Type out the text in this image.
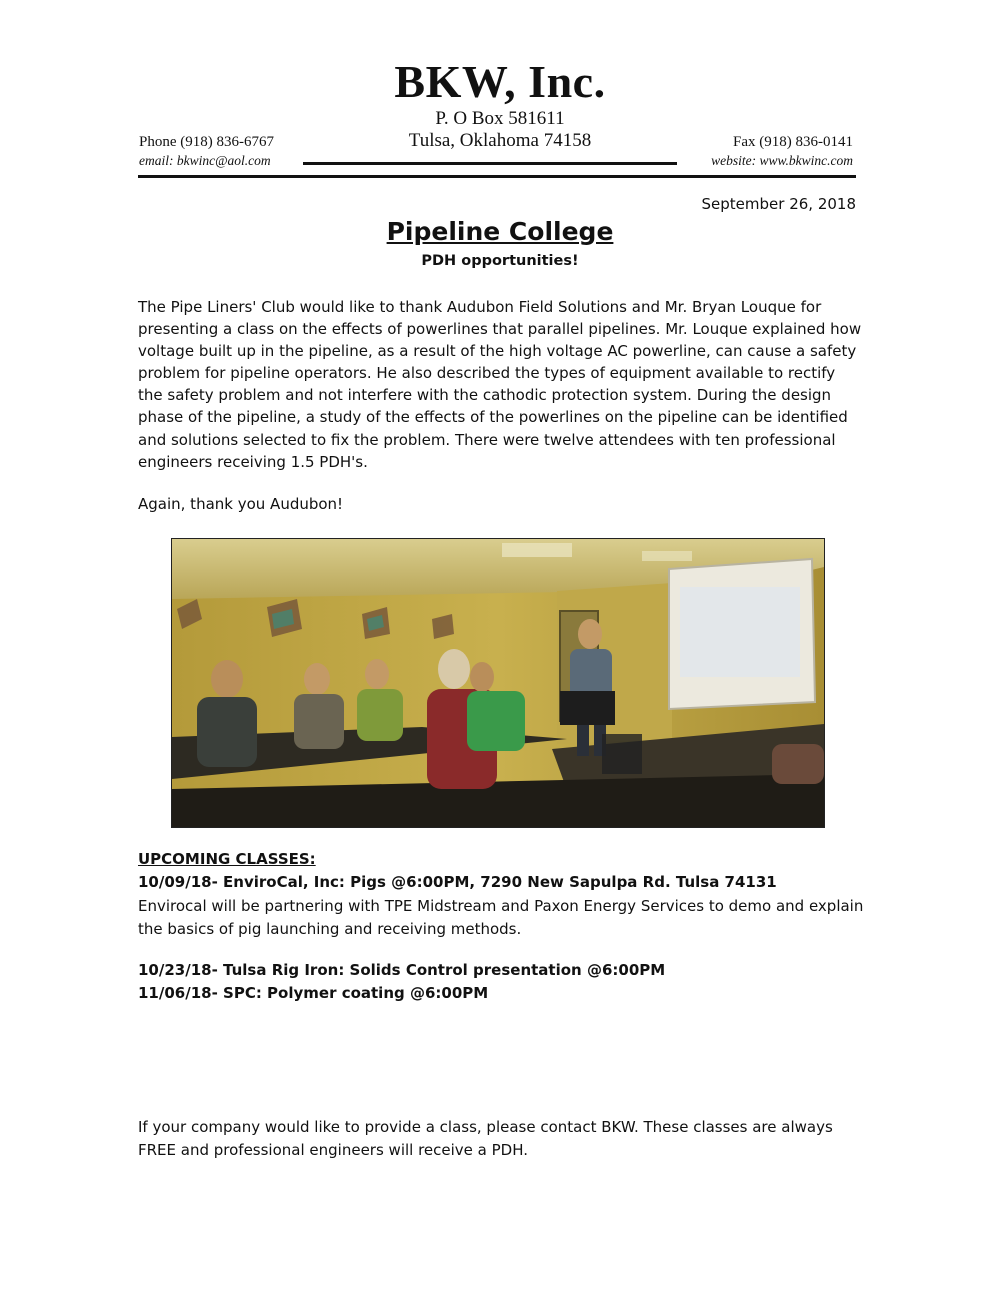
BKW, Inc.
P. O Box 581611
Tulsa, Oklahoma 74158
Phone (918) 836-6767
email: bkwinc@aol.com
Fax (918) 836-0141
website: www.bkwinc.com
September 26, 2018
Pipeline College
PDH opportunities!
The Pipe Liners' Club would like to thank Audubon Field Solutions and Mr. Bryan Louque for presenting a class on the effects of powerlines that parallel pipelines. Mr. Louque explained how voltage built up in the pipeline, as a result of the high voltage AC powerline, can cause a safety problem for pipeline operators. He also described the types of equipment available to rectify the safety problem and not interfere with the cathodic protection system. During the design phase of the pipeline, a study of the effects of the powerlines on the pipeline can be identified and solutions selected to fix the problem. There were twelve attendees with ten professional engineers receiving 1.5 PDH's.
Again, thank you Audubon!
UPCOMING CLASSES:
10/09/18- EnviroCal, Inc: Pigs @6:00PM, 7290 New Sapulpa Rd. Tulsa 74131
Envirocal will be partnering with TPE Midstream and Paxon Energy Services to demo and explain the basics of pig launching and receiving methods.
10/23/18- Tulsa Rig Iron: Solids Control presentation @6:00PM
11/06/18- SPC: Polymer coating @6:00PM
If your company would like to provide a class, please contact BKW. These classes are always FREE and professional engineers will receive a PDH.
